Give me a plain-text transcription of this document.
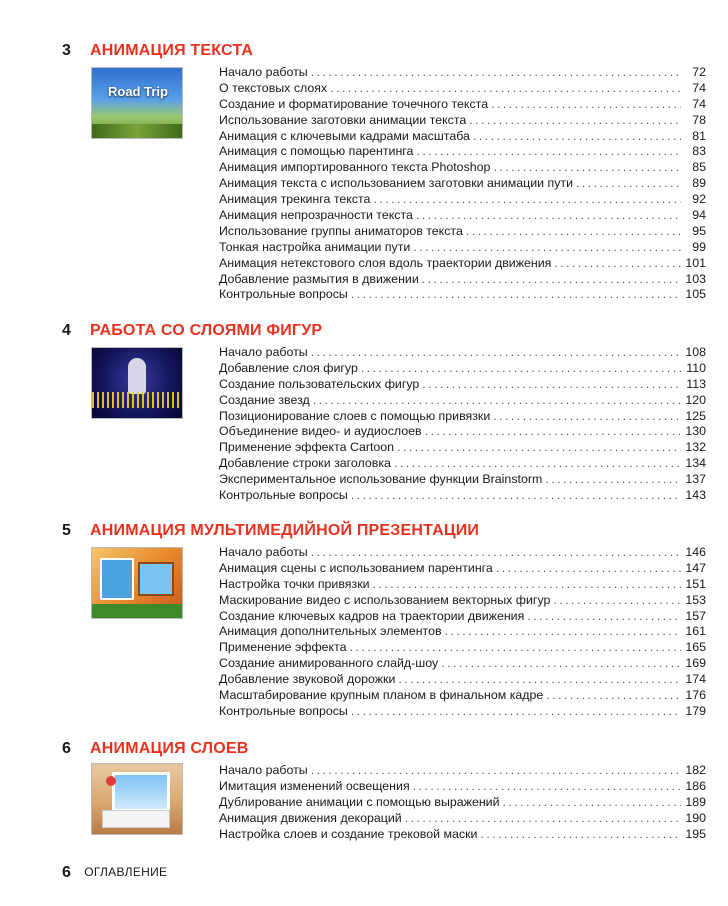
3 АНИМАЦИЯ ТЕКСТА
Road Trip
Начало работы . . .	72
О текстовых слоях . . .	74
Создание и форматирование точечного текста . . .	74
Использование заготовки анимации текста . . .	78
Анимация с ключевыми кадрами масштаба . . .	81
Анимация с помощью парентинга . . .	83
Анимация импортированного текста Photoshop . . .	85
Анимация текста с использованием заготовки анимации пути . . .	89
Анимация трекинга текста . . .	92
Анимация непрозрачности текста . . .	94
Использование группы аниматоров текста . . .	95
Тонкая настройка анимации пути . . .	99
Анимация нетекстового слоя вдоль траектории движения . . .	101
Добавление размытия в движении . . .	103
Контрольные вопросы . . .	105
4 РАБОТА СО СЛОЯМИ ФИГУР
Начало работы . . .	108
Добавление слоя фигур . . .	110
Создание пользовательских фигур . . .	113
Создание звезд . . .	120
Позиционирование слоев с помощью привязки . . .	125
Объединение видео- и аудиослоев . . .	130
Применение эффекта Cartoon . . .	132
Добавление строки заголовка . . .	134
Экспериментальное использование функции Brainstorm . . .	137
Контрольные вопросы . . .	143
5 АНИМАЦИЯ МУЛЬТИМЕДИЙНОЙ ПРЕЗЕНТАЦИИ
Начало работы . . .	146
Анимация сцены с использованием парентинга . . .	147
Настройка точки привязки . . .	151
Маскирование видео с использованием векторных фигур . . .	153
Создание ключевых кадров на траектории движения . . .	157
Анимация дополнительных элементов . . .	161
Применение эффекта . . .	165
Создание анимированного слайд-шоу . . .	169
Добавление звуковой дорожки . . .	174
Масштабирование крупным планом в финальном кадре . . .	176
Контрольные вопросы . . .	179
6 АНИМАЦИЯ СЛОЕВ
Начало работы . . .	182
Имитация изменений освещения . . .	186
Дублирование анимации с помощью выражений . . .	189
Анимация движения декораций . . .	190
Настройка слоев и создание трековой маски . . .	195
6 ОГЛАВЛЕНИЕ
